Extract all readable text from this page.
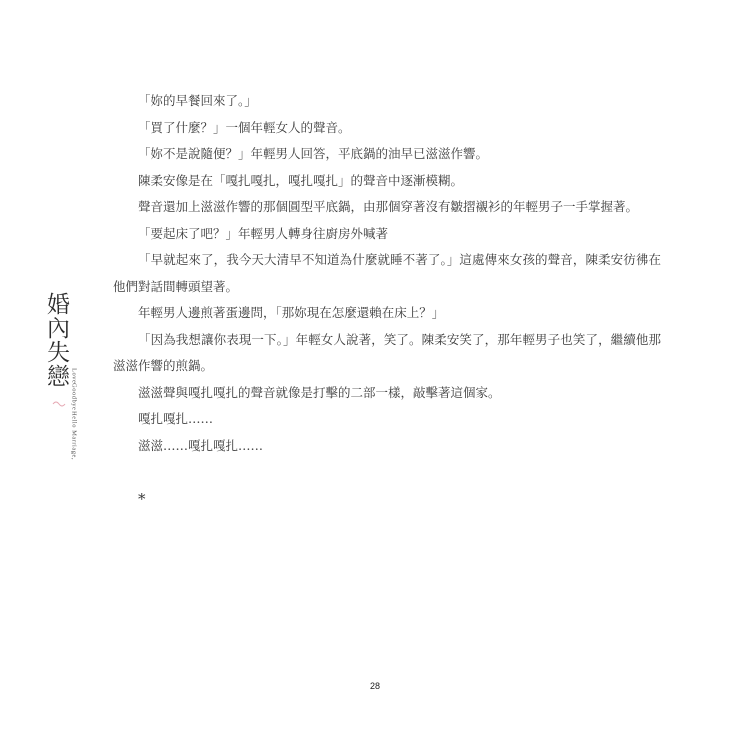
婚內失戀
Hello Marriage,
Goodbye
Love

「妳的早餐回來了。」

「買了什麼？」一個年輕女人的聲音。

「妳不是說隨便？」年輕男人回答，平底鍋的油早已滋滋作響。

陳柔安像是在「嘎扎嘎扎，嘎扎嘎扎」的聲音中逐漸模糊。

聲音還加上滋滋作響的那個圓型平底鍋，由那個穿著沒有皺摺襯衫的年輕男子一手掌握著。

「要起床了吧？」年輕男人轉身往廚房外喊著

「早就起來了，我今天大清早不知道為什麼就睡不著了。」這處傳來女孩的聲音，陳柔安彷彿在他們對話間轉頭望著。

年輕男人邊煎著蛋邊問，「那妳現在怎麼還賴在床上？」

「因為我想讓你表現一下。」年輕女人說著，笑了。陳柔安笑了，那年輕男子也笑了，繼續他那滋滋作響的煎鍋。

滋滋聲與嘎扎嘎扎的聲音就像是打擊的二部一樣，敲擊著這個家。

嘎扎嘎扎……

滋滋……嘎扎嘎扎……

*

28
